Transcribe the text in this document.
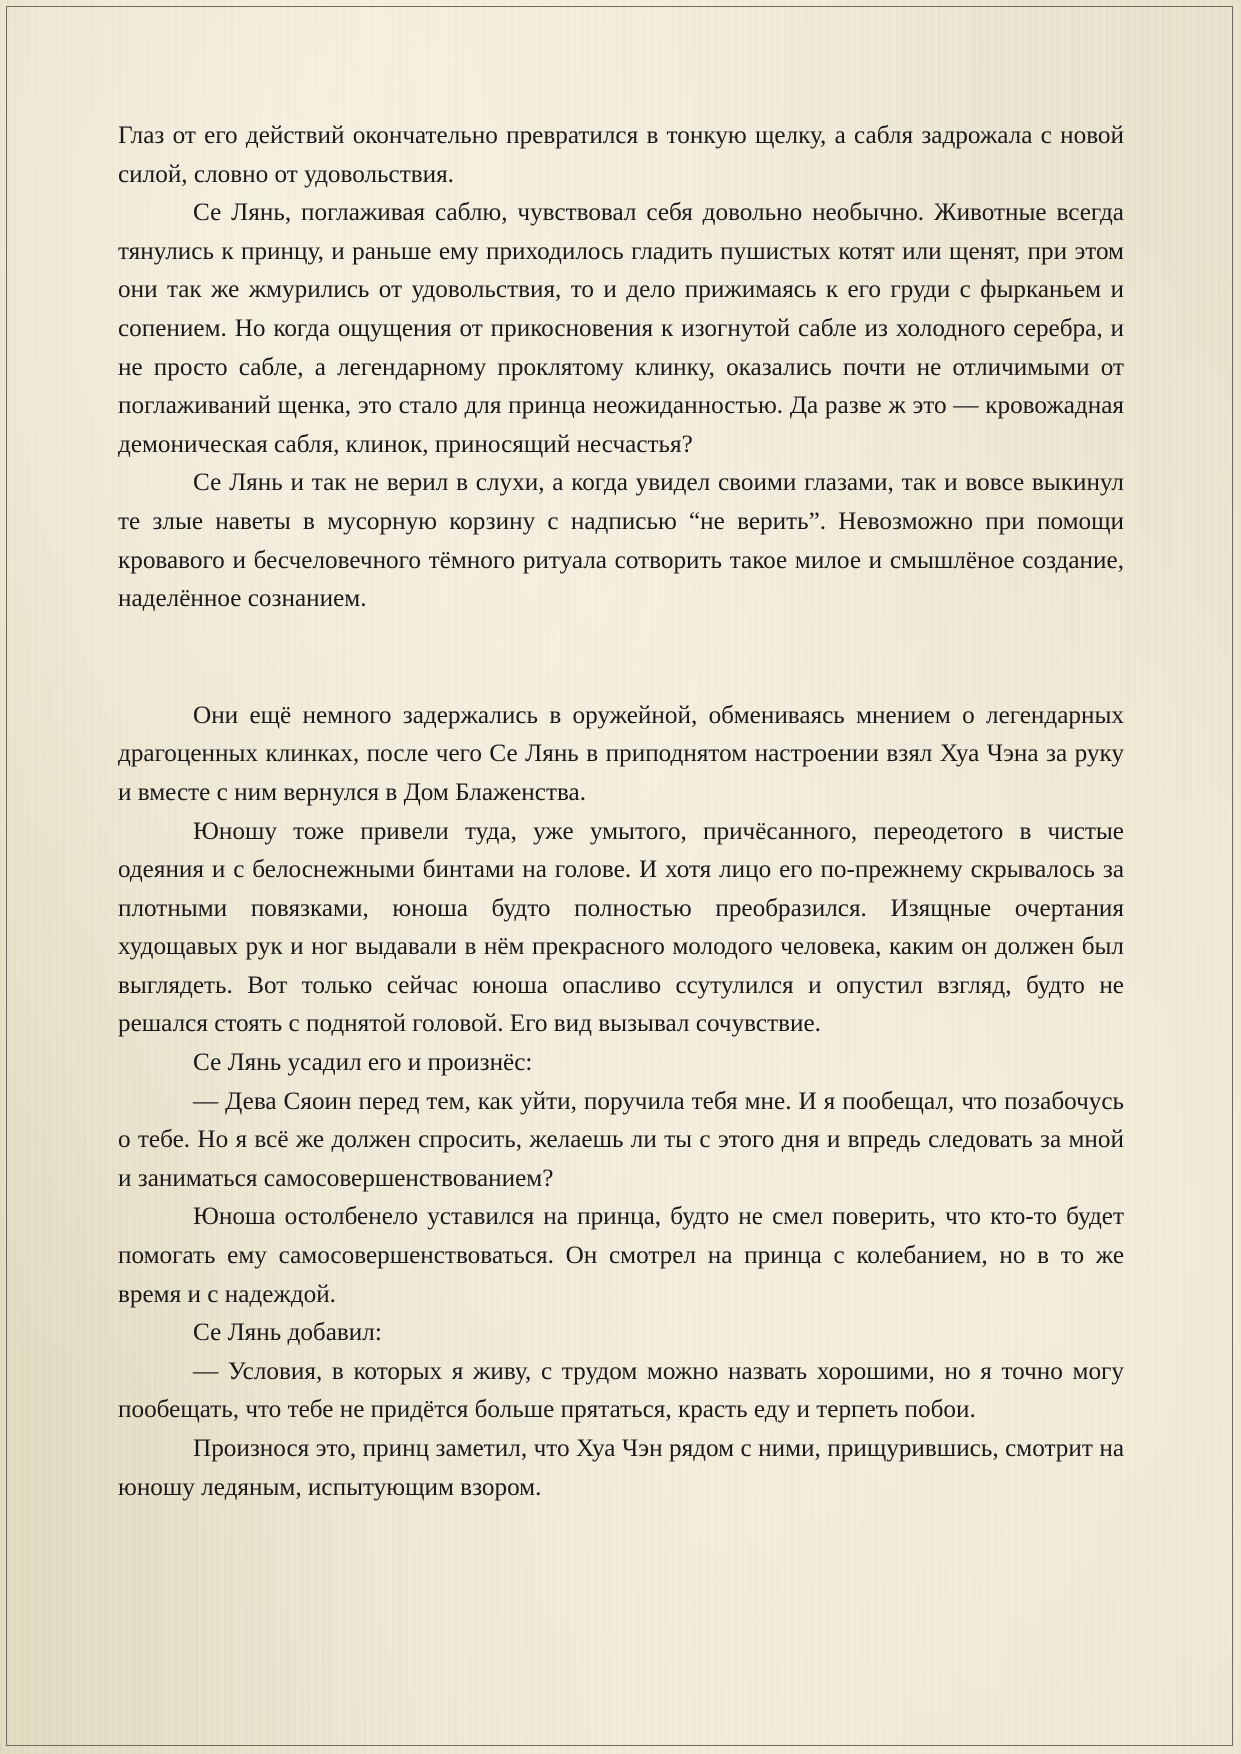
Глаз от его действий окончательно превратился в тонкую щелку, а сабля задрожала с новой силой, словно от удовольствия.

Се Лянь, поглаживая саблю, чувствовал себя довольно необычно. Животные всегда тянулись к принцу, и раньше ему приходилось гладить пушистых котят или щенят, при этом они так же жмурились от удовольствия, то и дело прижимаясь к его груди с фырканьем и сопением. Но когда ощущения от прикосновения к изогнутой сабле из холодного серебра, и не просто сабле, а легендарному проклятому клинку, оказались почти не отличимыми от поглаживаний щенка, это стало для принца неожиданностью. Да разве ж это — кровожадная демоническая сабля, клинок, приносящий несчастья?

Се Лянь и так не верил в слухи, а когда увидел своими глазами, так и вовсе выкинул те злые наветы в мусорную корзину с надписью “не верить”. Невозможно при помощи кровавого и бесчеловечного тёмного ритуала сотворить такое милое и смышлёное создание, наделённое сознанием.

Они ещё немного задержались в оружейной, обмениваясь мнением о легендарных драгоценных клинках, после чего Се Лянь в приподнятом настроении взял Хуа Чэна за руку и вместе с ним вернулся в Дом Блаженства.

Юношу тоже привели туда, уже умытого, причёсанного, переодетого в чистые одеяния и с белоснежными бинтами на голове. И хотя лицо его по-прежнему скрывалось за плотными повязками, юноша будто полностью преобразился. Изящные очертания худощавых рук и ног выдавали в нём прекрасного молодого человека, каким он должен был выглядеть. Вот только сейчас юноша опасливо ссутулился и опустил взгляд, будто не решался стоять с поднятой головой. Его вид вызывал сочувствие.

Се Лянь усадил его и произнёс:

— Дева Сяоин перед тем, как уйти, поручила тебя мне. И я пообещал, что позабочусь о тебе. Но я всё же должен спросить, желаешь ли ты с этого дня и впредь следовать за мной и заниматься самосовершенствованием?

Юноша остолбенело уставился на принца, будто не смел поверить, что кто-то будет помогать ему самосовершенствоваться. Он смотрел на принца с колебанием, но в то же время и с надеждой.

Се Лянь добавил:

— Условия, в которых я живу, с трудом можно назвать хорошими, но я точно могу пообещать, что тебе не придётся больше прятаться, красть еду и терпеть побои.

Произнося это, принц заметил, что Хуа Чэн рядом с ними, прищурившись, смотрит на юношу ледяным, испытующим взором.
